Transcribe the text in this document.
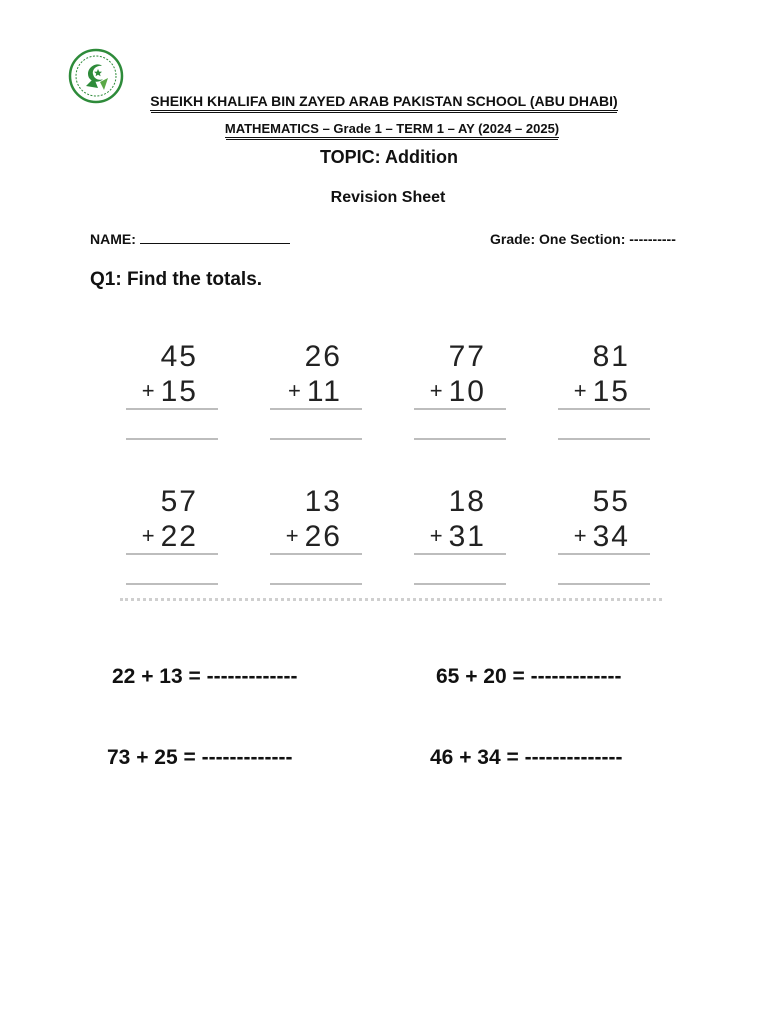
SHEIKH KHALIFA BIN ZAYED ARAB PAKISTAN SCHOOL (ABU DHABI)
MATHEMATICS – Grade 1 – TERM 1 – AY (2024 – 2025)
TOPIC: Addition
Revision Sheet
NAME:	Grade: One Section: ----------
Q1: Find the totals.
45
+ 15
26
+ 11
77
+ 10
81
+ 15
57
+ 22
13
+ 26
18
+ 31
55
+ 34
22 + 13 = -------------	65 + 20 = -------------
73 + 25 = -------------	46 + 34 = --------------
